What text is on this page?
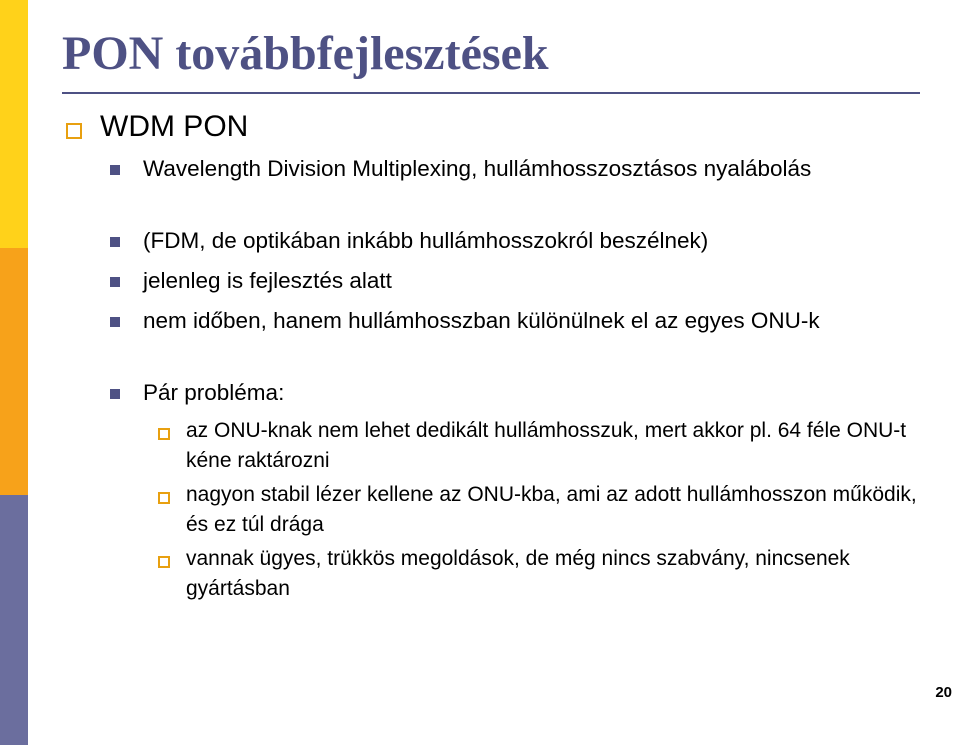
PON továbbfejlesztések
WDM PON
Wavelength Division Multiplexing, hullámhosszosztásos nyalábolás
(FDM, de optikában inkább hullámhosszokról beszélnek)
jelenleg is fejlesztés alatt
nem időben, hanem hullámhosszban különülnek el az egyes ONU-k
Pár probléma:
az ONU-knak nem lehet dedikált hullámhosszuk, mert akkor pl. 64 féle ONU-t kéne raktározni
nagyon stabil lézer kellene az ONU-kba, ami az adott hullámhosszon működik, és ez túl drága
vannak ügyes, trükkös megoldások, de még nincs szabvány, nincsenek gyártásban
20
